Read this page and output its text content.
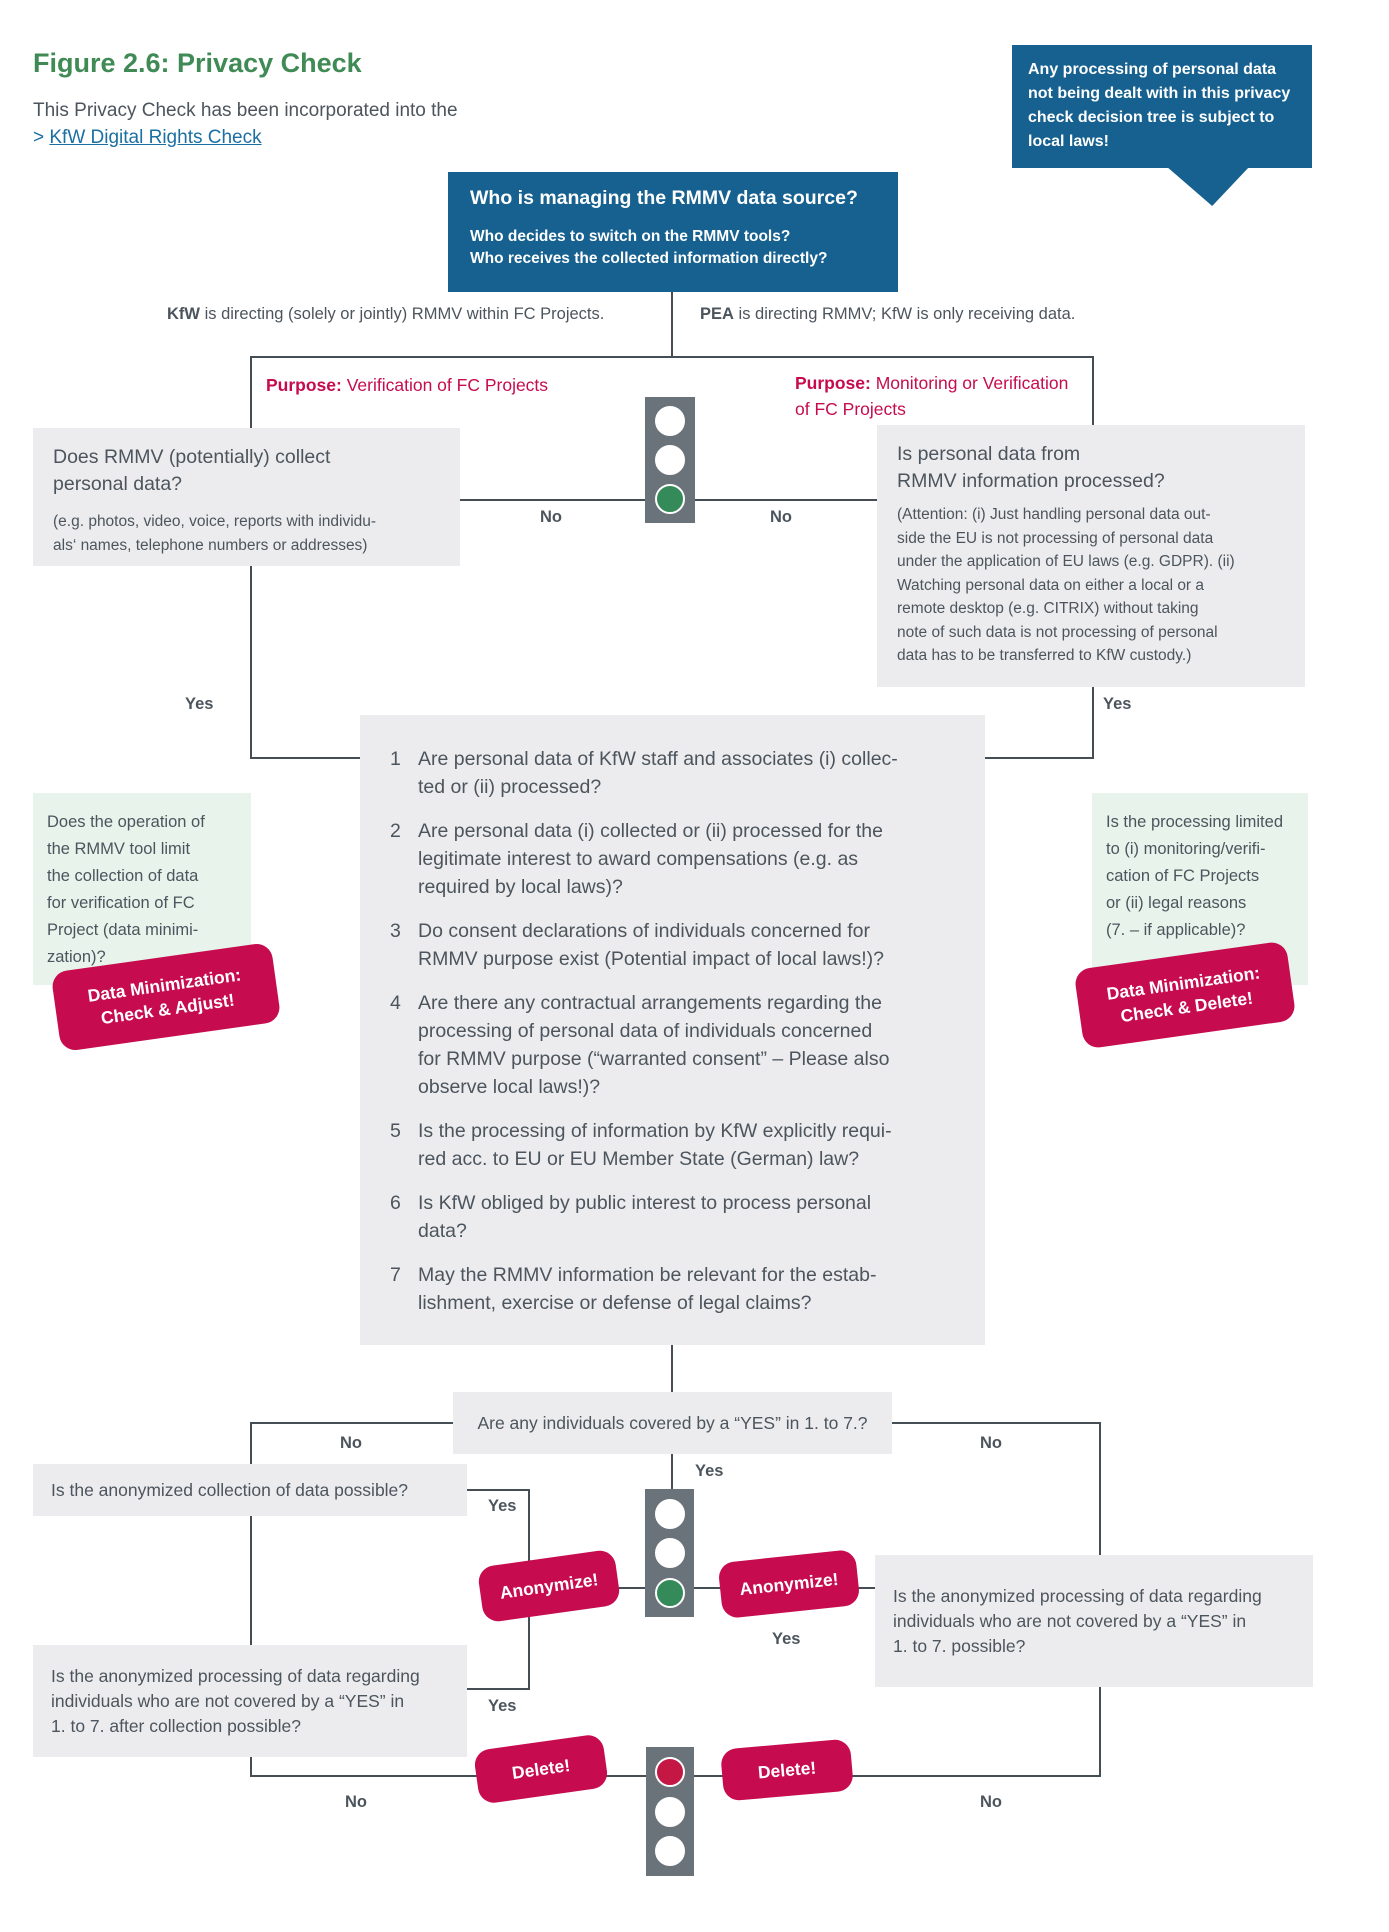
Figure 2.6: Privacy Check
This Privacy Check has been incorporated into the
> KfW Digital Rights Check
Any processing of personal data not being dealt with in this privacy check decision tree is subject to local laws!
Who is managing the RMMV data source?
Who decides to switch on the RMMV tools?
Who receives the collected information directly?
KfW is directing (solely or jointly) RMMV within FC Projects.	PEA is directing RMMV; KfW is only receiving data.
Purpose: Verification of FC Projects	Purpose: Monitoring or Verification
of FC Projects
Does RMMV (potentially) collect
personal data?
(e.g. photos, video, voice, reports with individu-
als‘ names, telephone numbers or addresses)
Is personal data from
RMMV information processed?
(Attention: (i) Just handling personal data out-
side the EU is not processing of personal data
under the application of EU laws (e.g. GDPR). (ii)
Watching personal data on either a local or a
remote desktop (e.g. CITRIX) without taking
note of such data is not processing of personal
data has to be transferred to KfW custody.)
No	No
Yes	Yes
Does the operation of
the RMMV tool limit
the collection of data
for verification of FC
Project (data minimi-
zation)?
Is the processing limited
to (i) monitoring/verifi-
cation of FC Projects
or (ii) legal reasons
(7. – if applicable)?
1 Are personal data of KfW staff and associates (i) collec-
ted or (ii) processed?
2 Are personal data (i) collected or (ii) processed for the
legitimate interest to award compensations (e.g. as
required by local laws)?
3 Do consent declarations of individuals concerned for
RMMV purpose exist (Potential impact of local laws!)?
4 Are there any contractual arrangements regarding the
processing of personal data of individuals concerned
for RMMV purpose (“warranted consent” – Please also
observe local laws!)?
5 Is the processing of information by KfW explicitly requi-
red acc. to EU or EU Member State (German) law?
6 Is KfW obliged by public interest to process personal
data?
7 May the RMMV information be relevant for the estab-
lishment, exercise or defense of legal claims?
Data Minimization:
Check & Adjust!
Data Minimization:
Check & Delete!
Are any individuals covered by a “YES” in 1. to 7.?
No	No
Yes
Is the anonymized collection of data possible?
Yes
Anonymize!	Anonymize!
Yes
Is the anonymized processing of data regarding
individuals who are not covered by a “YES” in
1. to 7. possible?
Is the anonymized processing of data regarding
individuals who are not covered by a “YES” in
1. to 7. after collection possible?
Yes
Delete!	Delete!
No	No
